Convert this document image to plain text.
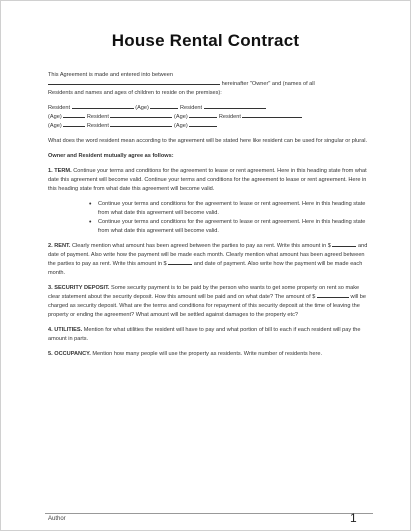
House Rental Contract

This Agreement is made and entered into between
hereinafter "Owner" and (names of all
Residents and names and ages of children to reside on the premises):

Resident	(Age)	Resident
(Age)	Resident	(Age)	Resident
(Age)	Resident	(Age)

What does the word resident mean according to the agreement will be stated here like resident can be used for singular or plural.

Owner and Resident mutually agree as follows:

1. TERM. Continue your terms and conditions for the agreement to lease or rent agreement. Here in this heading state from what date this agreement will become valid. Continue your terms and conditions for the agreement to lease or rent agreement. Here in this heading state from what date this agreement will become valid.

• Continue your terms and conditions for the agreement to lease or rent agreement. Here in this heading state from what date this agreement will become valid.
• Continue your terms and conditions for the agreement to lease or rent agreement. Here in this heading state from what date this agreement will become valid.

2. RENT. Clearly mention what amount has been agreed between the parties to pay as rent. Write this amount in $	and date of payment. Also write how the payment will be made each month. Clearly mention what amount has been agreed between the parties to pay as rent. Write this amount in $	and date of payment. Also write how the payment will be made each month.

3. SECURITY DEPOSIT. Some security payment is to be paid by the person who wants to get some property on rent so make clear statement about the security deposit. How this amount will be paid and on what date? The amount of $	will be charged as security deposit. What are the terms and conditions for repayment of this security deposit at the time of leaving the property or ending the agreement? What amount will be settled against damages to the property etc?

4. UTILITIES. Mention for what utilities the resident will have to pay and what portion of bill to each if each resident will pay the amount in parts.

5. OCCUPANCY. Mention how many people will use the property as residents. Write number of residents here.

Author	1
